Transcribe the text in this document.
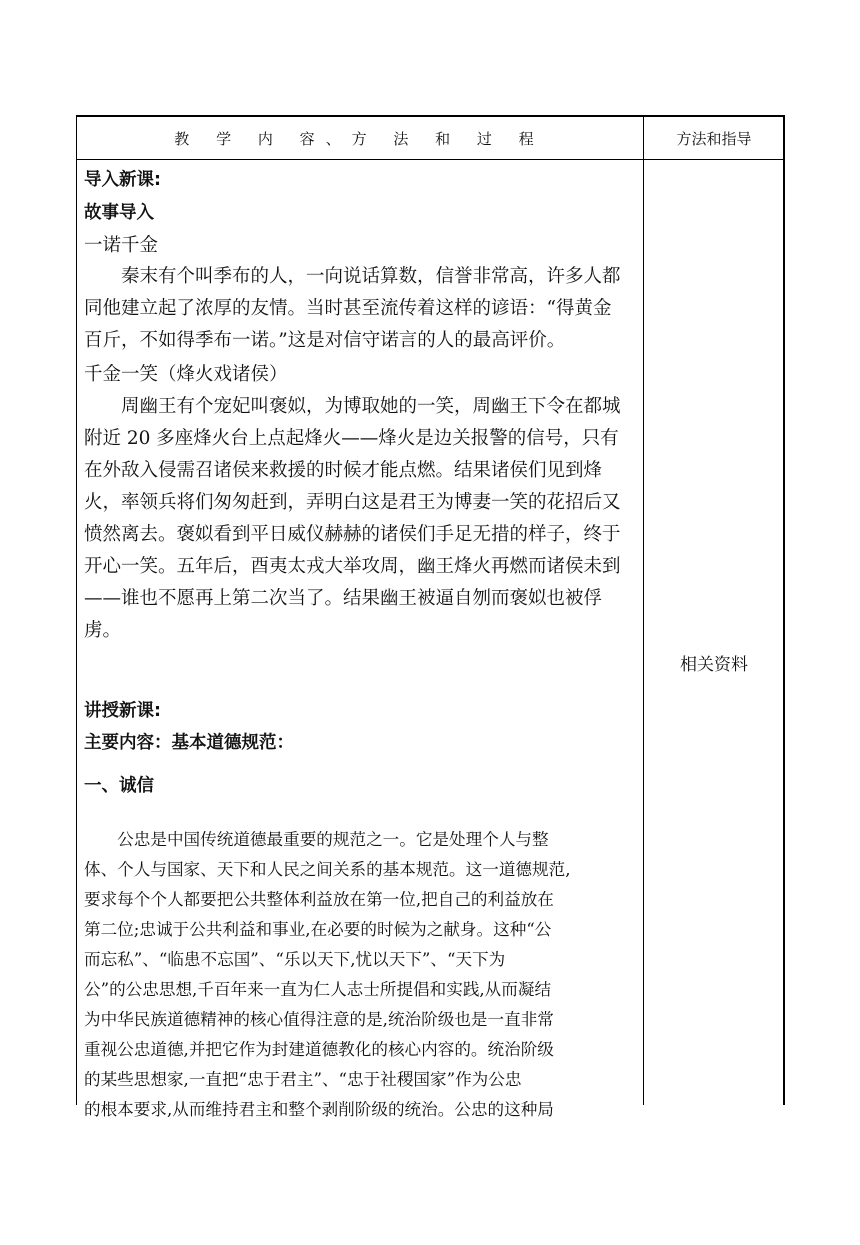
教 学 内 容、方 法 和 过 程	方法和指导
相关资料
导入新课:
故事导入
一诺千金
　　秦末有个叫季布的人，一向说话算数，信誉非常高，许多人都
同他建立起了浓厚的友情。当时甚至流传着这样的谚语：“得黄金
百斤，不如得季布一诺。”这是对信守诺言的人的最高评价。
千金一笑（烽火戏诸侯）
　　周幽王有个宠妃叫褒姒，为博取她的一笑，周幽王下令在都城
附近 20 多座烽火台上点起烽火——烽火是边关报警的信号，只有
在外敌入侵需召诸侯来救援的时候才能点燃。结果诸侯们见到烽
火，率领兵将们匆匆赶到，弄明白这是君王为博妻一笑的花招后又
愤然离去。褒姒看到平日威仪赫赫的诸侯们手足无措的样子，终于
开心一笑。五年后，酉夷太戎大举攻周，幽王烽火再燃而诸侯未到
——谁也不愿再上第二次当了。结果幽王被逼自刎而褒姒也被俘
虏。
讲授新课:
主要内容：基本道德规范：
一、诚信
　　公忠是中国传统道德最重要的规范之一。它是处理个人与整
体、个人与国家、天下和人民之间关系的基本规范。这一道德规范,
要求每个个人都要把公共整体利益放在第一位,把自己的利益放在
第二位;忠诚于公共利益和事业,在必要的时候为之献身。这种“公
而忘私”、“临患不忘国”、“乐以天下,忧以天下”、“天下为
公”的公忠思想,千百年来一直为仁人志士所提倡和实践,从而凝结
为中华民族道德精神的核心值得注意的是,统治阶级也是一直非常
重视公忠道德,并把它作为封建道德教化的核心内容的。统治阶级
的某些思想家,一直把“忠于君主”、“忠于社稷国家”作为公忠
的根本要求,从而维持君主和整个剥削阶级的统治。公忠的这种局
